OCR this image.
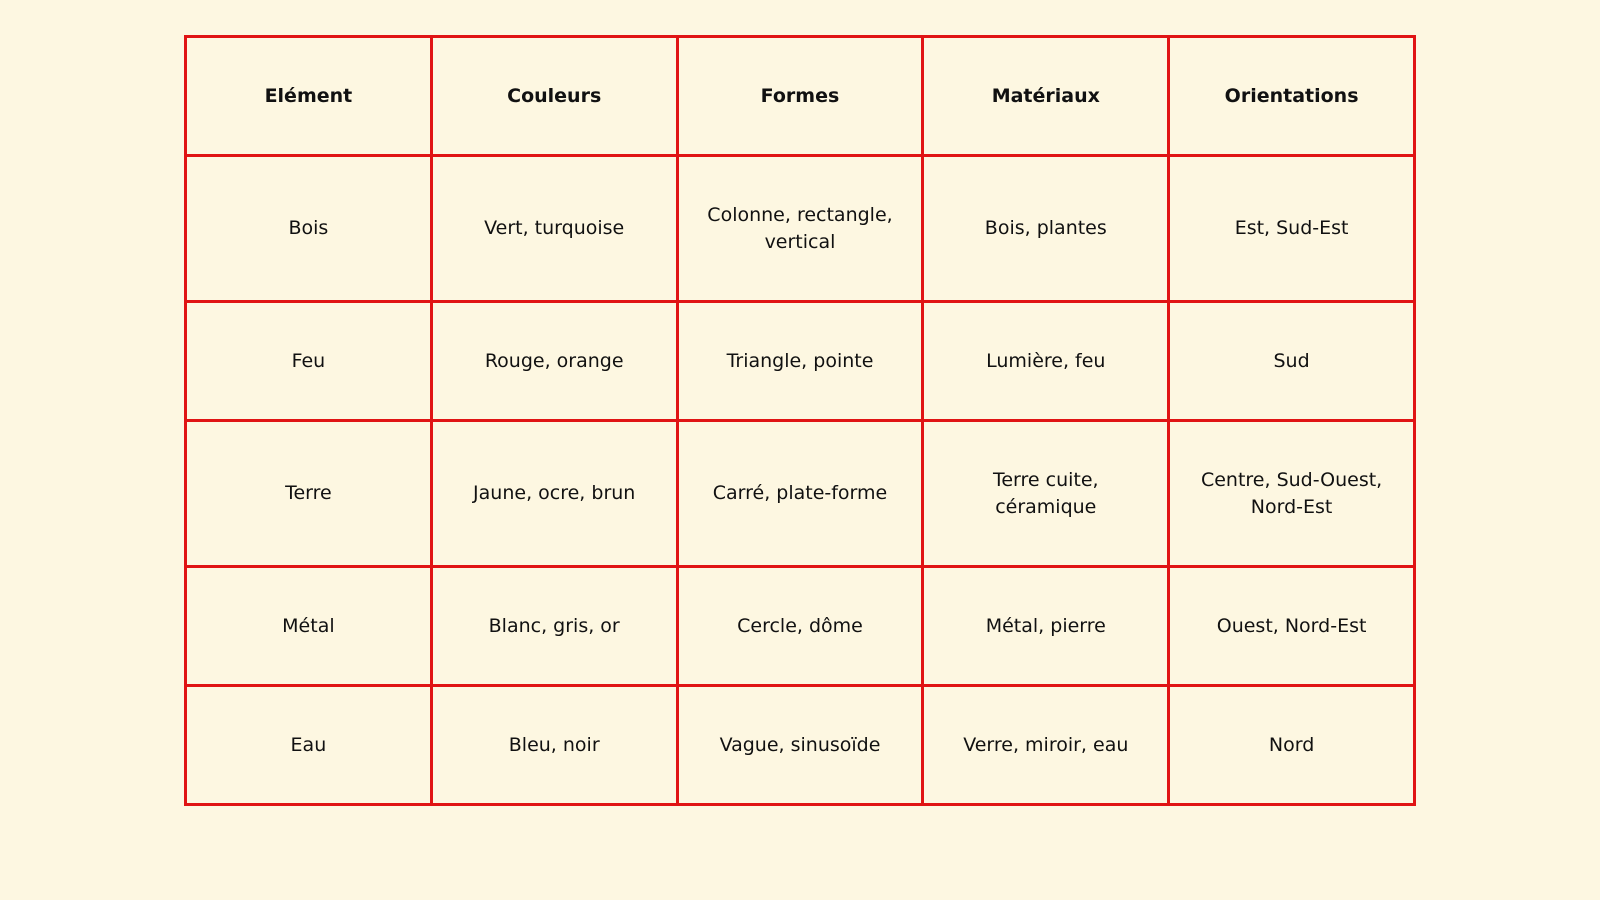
Elément	Couleurs	Formes	Matériaux	Orientations
Bois	Vert, turquoise	Colonne, rectangle, vertical	Bois, plantes	Est, Sud-Est
Feu	Rouge, orange	Triangle, pointe	Lumière, feu	Sud
Terre	Jaune, ocre, brun	Carré, plate-forme	Terre cuite, céramique	Centre, Sud-Ouest, Nord-Est
Métal	Blanc, gris, or	Cercle, dôme	Métal, pierre	Ouest, Nord-Est
Eau	Bleu, noir	Vague, sinusoïde	Verre, miroir, eau	Nord
